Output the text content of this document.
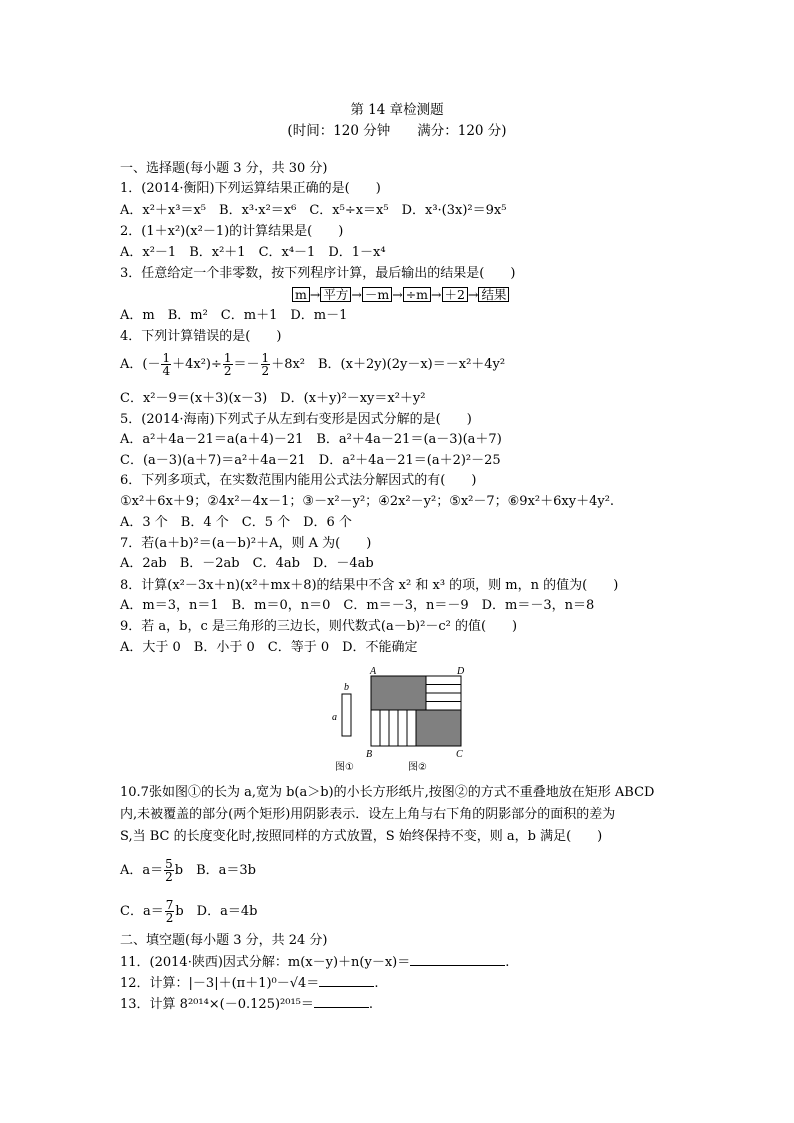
第 14 章检测题
(时间：120 分钟　　满分：120 分)
一、选择题(每小题 3 分，共 30 分)
1．(2014·衡阳)下列运算结果正确的是(　　)
A．x²＋x³＝x⁵　B．x³·x²＝x⁶　C．x⁵÷x＝x⁵　D．x³·(3x)²＝9x⁵
2．(1＋x²)(x²－1)的计算结果是(　　)
A．x²－1　B．x²＋1　C．x⁴－1　D．1－x⁴
3．任意给定一个非零数，按下列程序计算，最后输出的结果是(　　)
m → 平方 → －m → ÷m → ＋2 → 结果
A．m　B．m²　C．m＋1　D．m－1
4．下列计算错误的是(　　)
A．(－ $\frac{1}{4} +4x^2)\div \frac{1}{2} =- \frac{1}{2} +8x^2$　B．(x＋2y)(2y－x)＝－x²＋4y²
C．x²－9＝(x＋3)(x－3)　D．(x＋y)²－xy＝x²＋y²
5．(2014·海南)下列式子从左到右变形是因式分解的是(　　)
A．a²＋4a－21＝a(a＋4)－21　B．a²＋4a－21＝(a－3)(a＋7)
C．(a－3)(a＋7)＝a²＋4a－21　D．a²＋4a－21＝(a＋2)²－25
6．下列多项式，在实数范围内能用公式法分解因式的有(　　)
①x²＋6x＋9；②4x²－4x－1；③－x²－y²；④2x²－y²；⑤x²－7；⑥9x²＋6xy＋4y².
A．3 个　B．4 个　C．5 个　D．6 个
7．若(a＋b)²＝(a－b)²＋A，则 A 为(　　)
A．2ab　B．－2ab　C．4ab　D．－4ab
8．计算(x²－3x＋n)(x²＋mx＋8)的结果中不含 x² 和 x³ 的项，则 m，n 的值为(　　)
A．m＝3，n＝1　B．m＝0，n＝0　C．m＝－3，n＝－9　D．m＝－3，n＝8
9．若 a，b，c 是三角形的三边长，则代数式(a－b)²－c² 的值(　　)
A．大于 0　B．小于 0　C．等于 0　D．不能确定
b
a
A	D
B	C
图①	图②
10.7张如图①的长为 a,宽为 b(a＞b)的小长方形纸片,按图②的方式不重叠地放在矩形 ABCD
内,未被覆盖的部分(两个矩形)用阴影表示．设左上角与右下角的阴影部分的面积的差为
S,当 BC 的长度变化时,按照同样的方式放置，S 始终保持不变，则 a，b 满足(　　)
A．$a= \frac{5}{2}$ b　B．a＝3b
C．$a= \frac{7}{2}$ b　D．a＝4b
二、填空题(每小题 3 分，共 24 分)
11．(2014·陕西)因式分解：m(x－y)＋n(y－x)＝	.
12．计算：|－3|＋(π＋1)⁰－√4＝	.
13．计算 8²⁰¹⁴×(－0.125)²⁰¹⁵＝	.
